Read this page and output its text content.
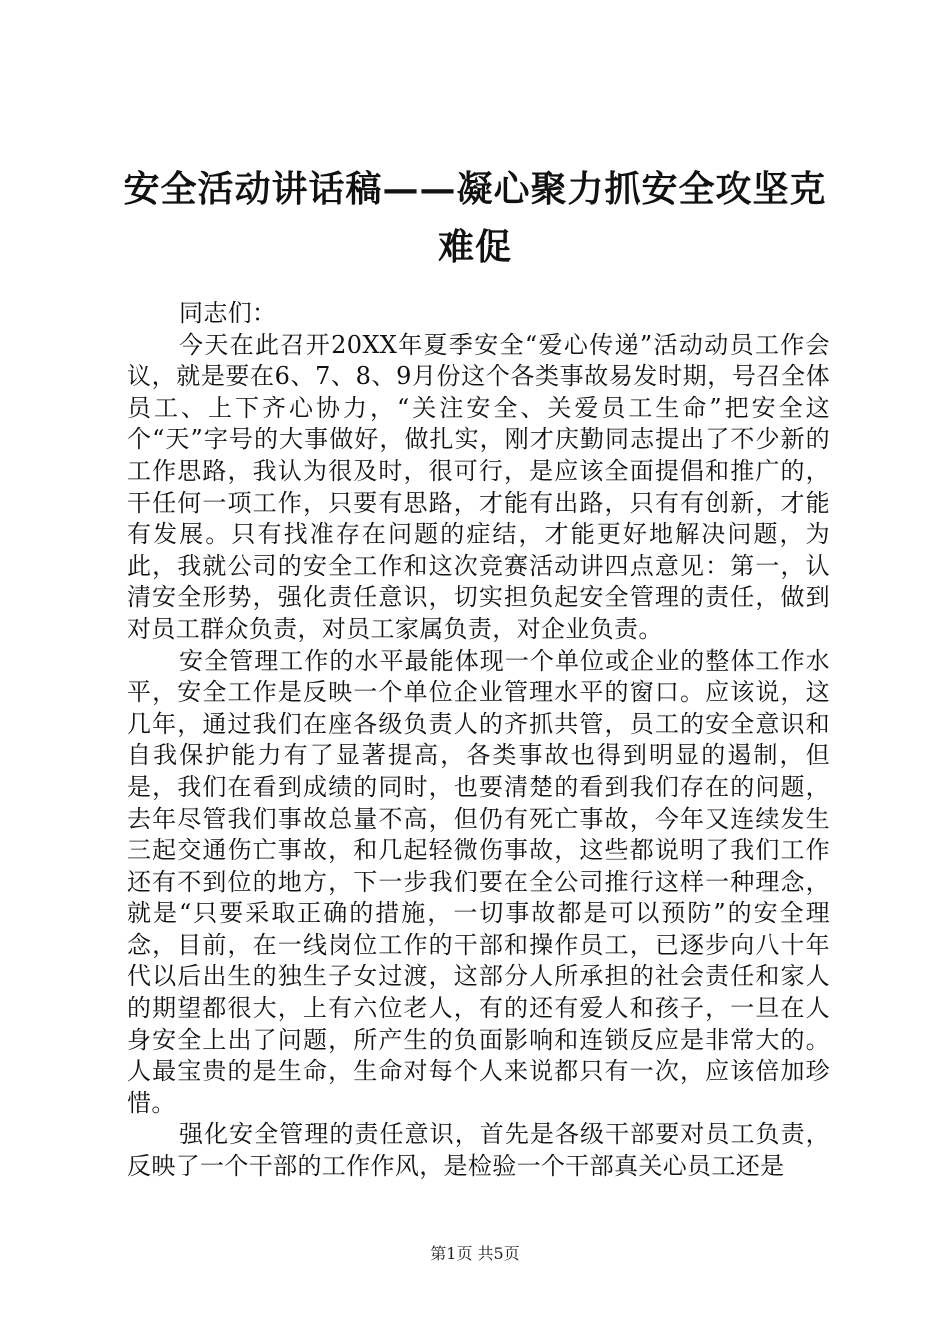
安全活动讲话稿——凝心聚力抓安全攻坚克难促

同志们：

今天在此召开20XX年夏季安全“爱心传递”活动动员工作会议，就是要在6、7、8、9月份这个各类事故易发时期，号召全体员工、上下齐心协力，“关注安全、关爱员工生命”把安全这个“天”字号的大事做好，做扎实，刚才庆勤同志提出了不少新的工作思路，我认为很及时，很可行，是应该全面提倡和推广的，干任何一项工作，只要有思路，才能有出路，只有有创新，才能有发展。只有找准存在问题的症结，才能更好地解决问题，为此，我就公司的安全工作和这次竞赛活动讲四点意见：第一，认清安全形势，强化责任意识，切实担负起安全管理的责任，做到对员工群众负责，对员工家属负责，对企业负责。

安全管理工作的水平最能体现一个单位或企业的整体工作水平，安全工作是反映一个单位企业管理水平的窗口。应该说，这几年，通过我们在座各级负责人的齐抓共管，员工的安全意识和自我保护能力有了显著提高，各类事故也得到明显的遏制，但是，我们在看到成绩的同时，也要清楚的看到我们存在的问题，去年尽管我们事故总量不高，但仍有死亡事故，今年又连续发生三起交通伤亡事故，和几起轻微伤事故，这些都说明了我们工作还有不到位的地方，下一步我们要在全公司推行这样一种理念，就是“只要采取正确的措施，一切事故都是可以预防”的安全理念，目前，在一线岗位工作的干部和操作员工，已逐步向八十年代以后出生的独生子女过渡，这部分人所承担的社会责任和家人的期望都很大，上有六位老人，有的还有爱人和孩子，一旦在人身安全上出了问题，所产生的负面影响和连锁反应是非常大的。人最宝贵的是生命，生命对每个人来说都只有一次，应该倍加珍惜。

强化安全管理的责任意识，首先是各级干部要对员工负责，反映了一个干部的工作作风，是检验一个干部真关心员工还是

第1页 共5页
